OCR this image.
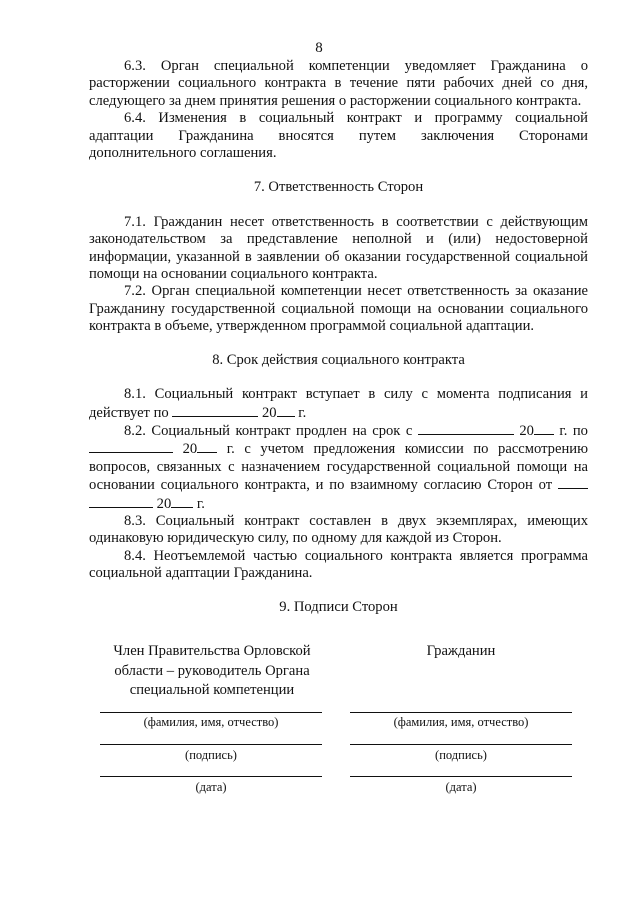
8

6.3. Орган специальной компетенции уведомляет Гражданина о расторжении социального контракта в течение пяти рабочих дней со дня, следующего за днем принятия решения о расторжении социального контракта.

6.4. Изменения в социальный контракт и программу социальной адаптации Гражданина вносятся путем заключения Сторонами дополнительного соглашения.

7. Ответственность Сторон

7.1. Гражданин несет ответственность в соответствии с действующим законодательством за представление неполной и (или) недостоверной информации, указанной в заявлении об оказании государственной социальной помощи на основании социального контракта.

7.2. Орган специальной компетенции несет ответственность за оказание Гражданину государственной социальной помощи на основании социального контракта в объеме, утвержденном программой социальной адаптации.

8. Срок действия социального контракта

8.1. Социальный контракт вступает в силу с момента подписания и действует по	20 г.

8.2. Социальный контракт продлен на срок с	20 г. по  20 г. с учетом предложения комиссии по рассмотрению вопросов, связанных с назначением государственной социальной помощи на основании социального контракта, и по взаимному согласию Сторон от   20 г.

8.3. Социальный контракт составлен в двух экземплярах, имеющих одинаковую юридическую силу, по одному для каждой из Сторон.

8.4. Неотъемлемой частью социального контракта является программа социальной адаптации Гражданина.

9. Подписи Сторон

Член Правительства Орловской
области – руководитель Органа
специальной компетенции
Гражданин
(фамилия, имя, отчество)
(подпись)
(дата)
(фамилия, имя, отчество)
(подпись)
(дата)
